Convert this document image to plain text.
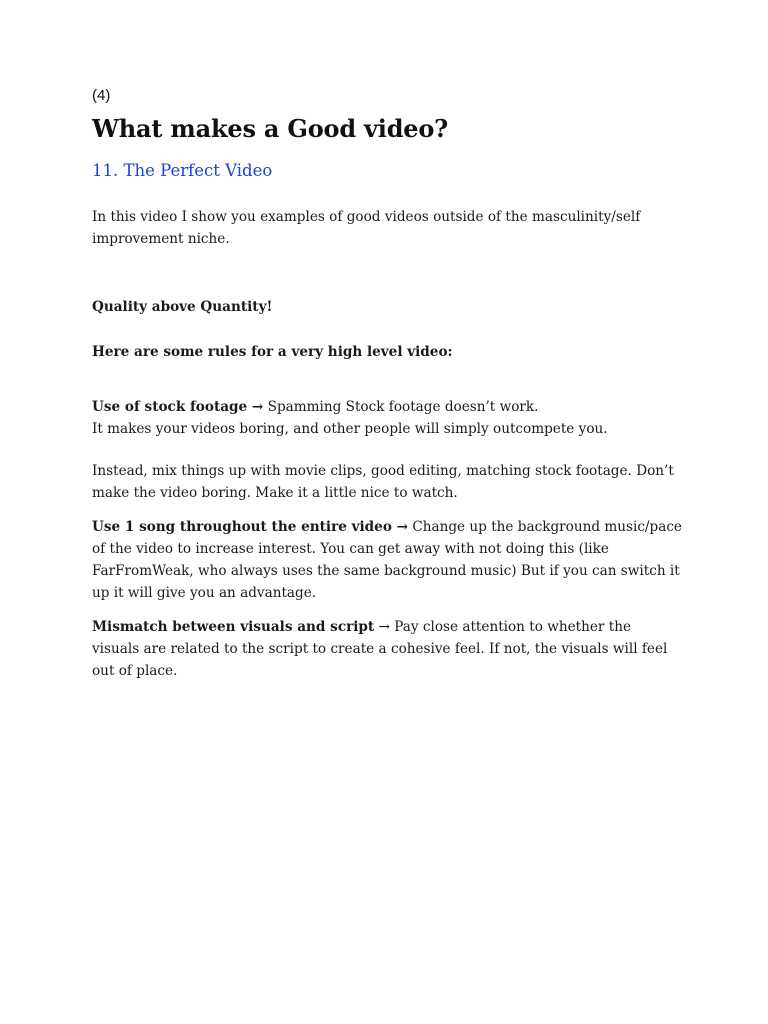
(4)
What makes a Good video?
11. The Perfect Video

In this video I show you examples of good videos outside of the masculinity/self improvement niche.

Quality above Quantity!

Here are some rules for a very high level video:

Use of stock footage → Spamming Stock footage doesn’t work.
It makes your videos boring, and other people will simply outcompete you.

Instead, mix things up with movie clips, good editing, matching stock footage. Don’t make the video boring. Make it a little nice to watch.

Use 1 song throughout the entire video → Change up the background music/pace of the video to increase interest. You can get away with not doing this (like FarFromWeak, who always uses the same background music) But if you can switch it up it will give you an advantage.

Mismatch between visuals and script → Pay close attention to whether the visuals are related to the script to create a cohesive feel. If not, the visuals will feel out of place.
